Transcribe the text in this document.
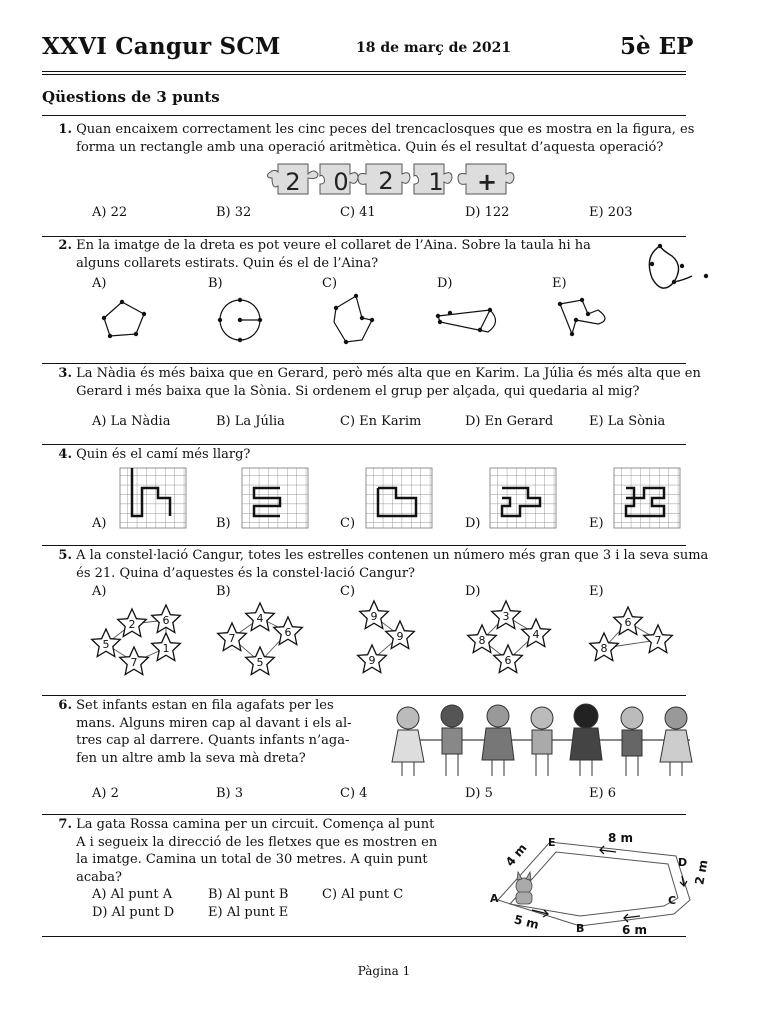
XXVI Cangur SCM	18 de març de 2021	5è EP
Qüestions de 3 punts
1. Quan encaixem correctament les cinc peces del trencaclosques que es mostra en la figura, es
forma un rectangle amb una operació aritmètica. Quin és el resultat d’aquesta operació?
2 0 2 1 +
A) 22	B) 32	C) 41	D) 122	E) 203
2. En la imatge de la dreta es pot veure el collaret de l’Aina. Sobre la taula hi ha
alguns collarets estirats. Quin és el de l’Aina?
A)	B)	C)	D)	E)
3. La Nàdia és més baixa que en Gerard, però més alta que en Karim. La Júlia és més alta que en
Gerard i més baixa que la Sònia. Si ordenem el grup per alçada, qui quedaria al mig?
A) La Nàdia	B) La Júlia	C) En Karim	D) En Gerard	E) La Sònia
4. Quin és el camí més llarg?
A)	B)	C)	D)	E)
5. A la constel·lació Cangur, totes les estrelles contenen un número més gran que 3 i la seva suma
és 21. Quina d’aquestes és la constel·lació Cangur?
A)	B)	C)	D)	E)
2 6
5
7
1
4
7	6
5
9
9
9
3
8	4
6
6
8
7
6. Set infants estan en fila agafats per les
mans. Alguns miren cap al davant i els al-
tres cap al darrere. Quants infants n’aga-
fen un altre amb la seva mà dreta?
A) 2	B) 3	C) 4	D) 5	E) 6
7. La gata Rossa camina per un circuit. Comença al punt
A i segueix la direcció de les fletxes que es mostren en
la imatge. Camina un total de 30 metres. A quin punt
acaba?
A) Al punt A	B) Al punt B	C) Al punt C
D) Al punt D	E) Al punt E
A
B
C
D
E	8 m
4 m
2 m
5 m	6 m
Pàgina 1
